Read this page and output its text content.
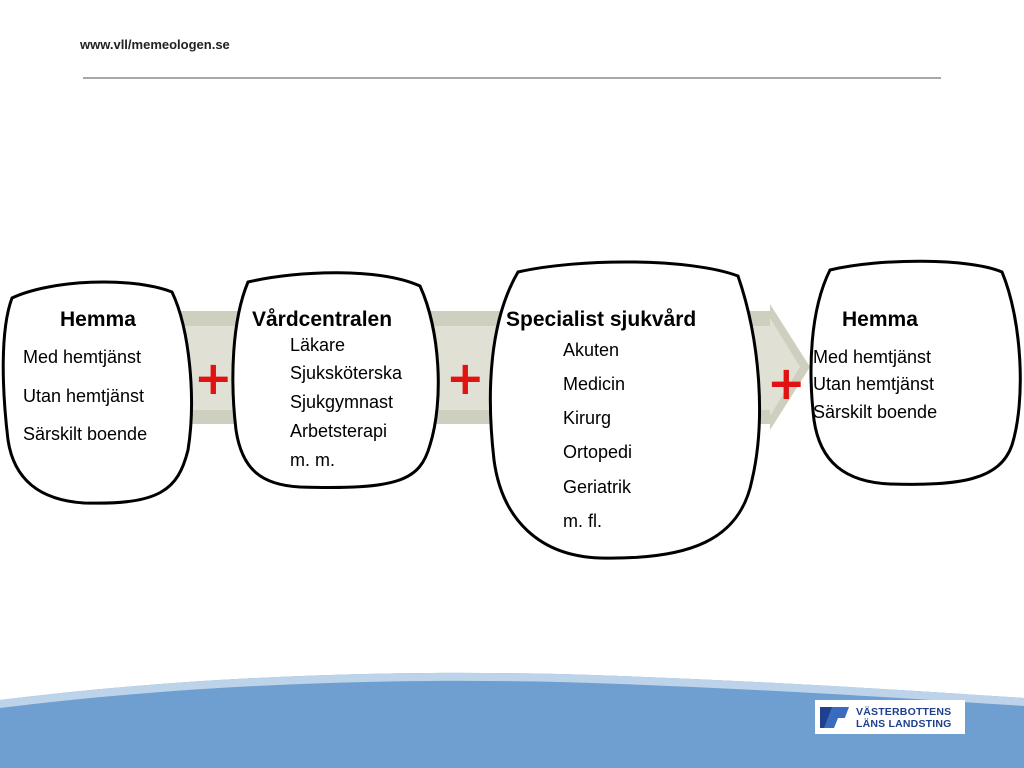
www.vll/memeologen.se
Hemma
Med hemtjänst
Utan hemtjänst
Särskilt boende
Vårdcentralen
Läkare
Sjuksköterska
Sjukgymnast
Arbetsterapi
m. m.
Specialist sjukvård
Akuten
Medicin
Kirurg
Ortopedi
Geriatrik
m. fl.
Hemma
Med hemtjänst
Utan hemtjänst
Särskilt boende
+	+	+
VÄSTERBOTTENS
LÄNS LANDSTING
